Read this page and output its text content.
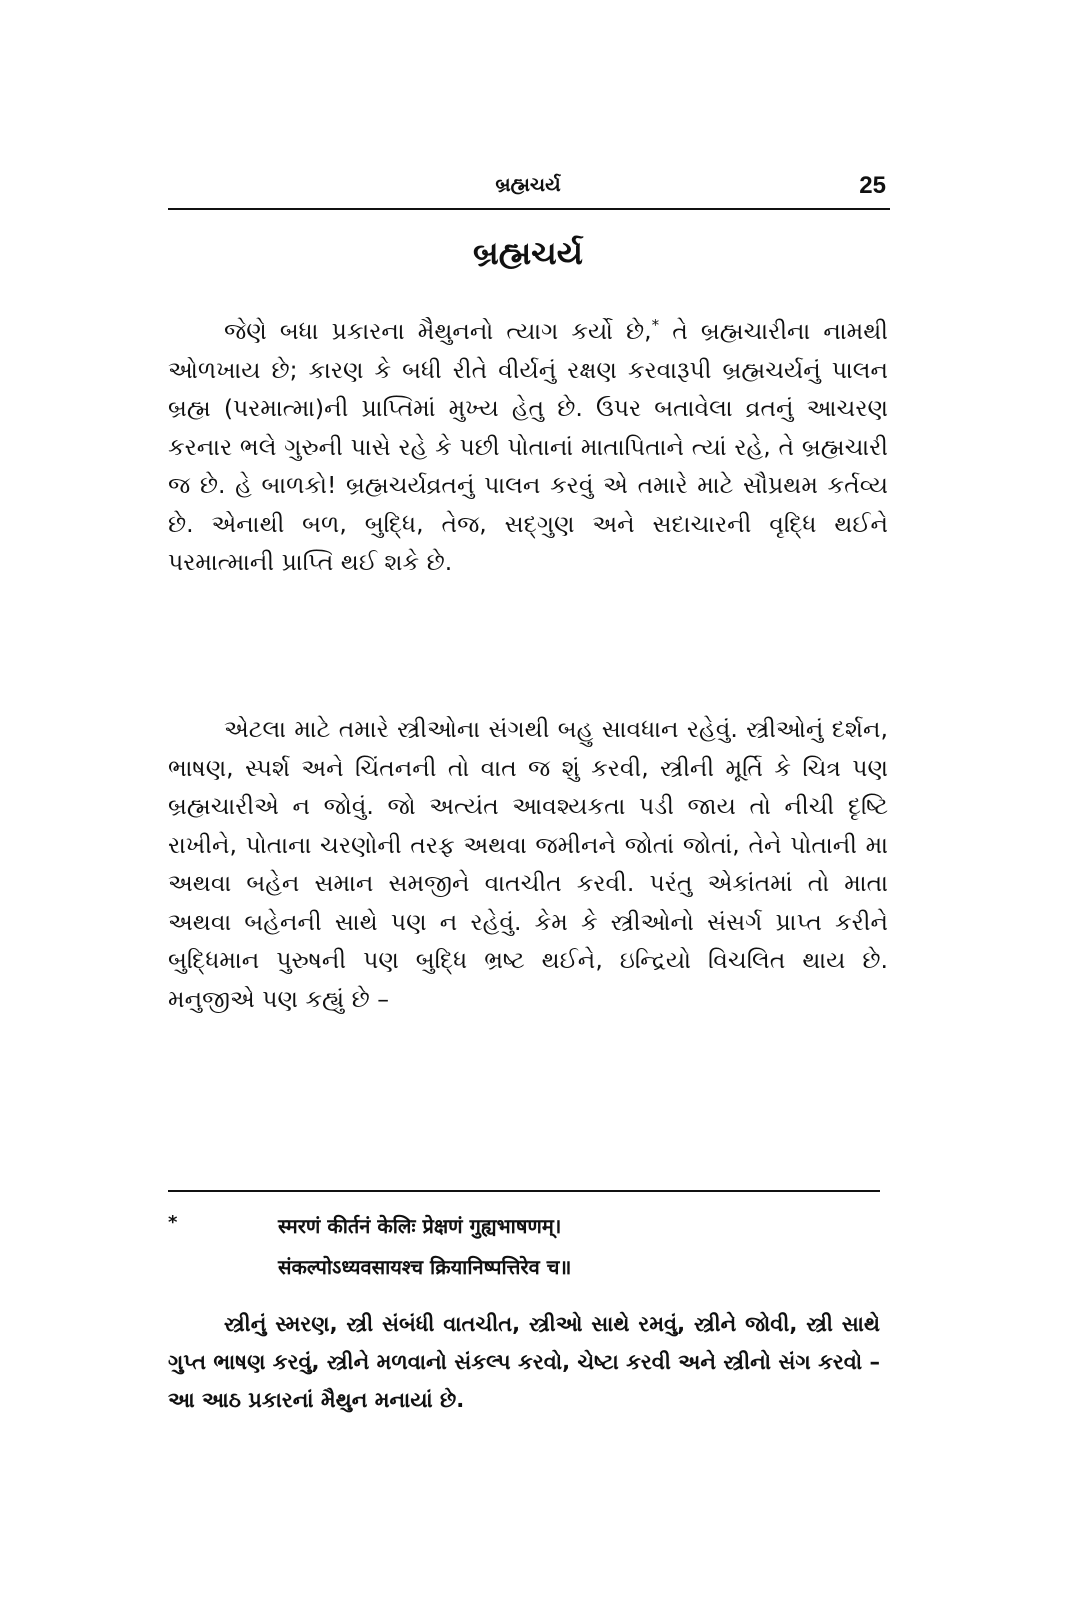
બ્રહ્મચર્ય	25
બ્રહ્મચર્ય

જેણે બધા પ્રકારના મૈથુનનો ત્યાગ કર્યો છે,* તે બ્રહ્મચારીના નામથી ઓળખાય છે; કારણ કે બધી રીતે વીર્યનું રક્ષણ કરવારૂપી બ્રહ્મચર્યનું પાલન બ્રહ્મ (પરમાત્મા)ની પ્રાપ્તિમાં મુખ્ય હેતુ છે. ઉપર બતાવેલા વ્રતનું આચરણ કરનાર ભલે ગુરુની પાસે રહે કે પછી પોતાનાં માતાપિતાને ત્યાં રહે, તે બ્રહ્મચારી જ છે. હે બાળકો! બ્રહ્મચર્યવ્રતનું પાલન કરવું એ તમારે માટે સૌપ્રથમ કર્તવ્ય છે. એનાથી બળ, બુદ્ધિ, તેજ, સદ્ગુણ અને સદાચારની વૃદ્ધિ થઈને પરમાત્માની પ્રાપ્તિ થઈ શકે છે.

એટલા માટે તમારે સ્ત્રીઓના સંગથી બહુ સાવધાન રહેવું. સ્ત્રીઓનું દર્શન, ભાષણ, સ્પર્શ અને ચિંતનની તો વાત જ શું કરવી, સ્ત્રીની મૂર્તિ કે ચિત્ર પણ બ્રહ્મચારીએ ન જોવું. જો અત્યંત આવશ્યકતા પડી જાય તો નીચી દૃષ્ટિ રાખીને, પોતાના ચરણોની તરફ અથવા જમીનને જોતાં જોતાં, તેને પોતાની મા અથવા બહેન સમાન સમજીને વાતચીત કરવી. પરંતુ એકાંતમાં તો માતા અથવા બહેનની સાથે પણ ન રહેવું. કેમ કે સ્ત્રીઓનો સંસર્ગ પ્રાપ્ત કરીને બુદ્ધિમાન પુરુષની પણ બુદ્ધિ ભ્રષ્ટ થઈને, ઇન્દ્રિયો વિચલિત થાય છે. મનુજીએ પણ કહ્યું છે –

*	स्मरणं कीर्तनं केलिः प्रेक्षणं गुह्यभाषणम्।
संकल्पोऽध्यवसायश्च क्रियानिष्पत्तिरेव च॥

સ્ત્રીનું સ્મરણ, સ્ત્રી સંબંધી વાતચીત, સ્ત્રીઓ સાથે રમવું, સ્ત્રીને જોવી, સ્ત્રી સાથે ગુપ્ત ભાષણ કરવું, સ્ત્રીને મળવાનો સંકલ્પ કરવો, ચેષ્ટા કરવી અને સ્ત્રીનો સંગ કરવો – આ આઠ પ્રકારનાં મૈથુન મનાયાં છે.
